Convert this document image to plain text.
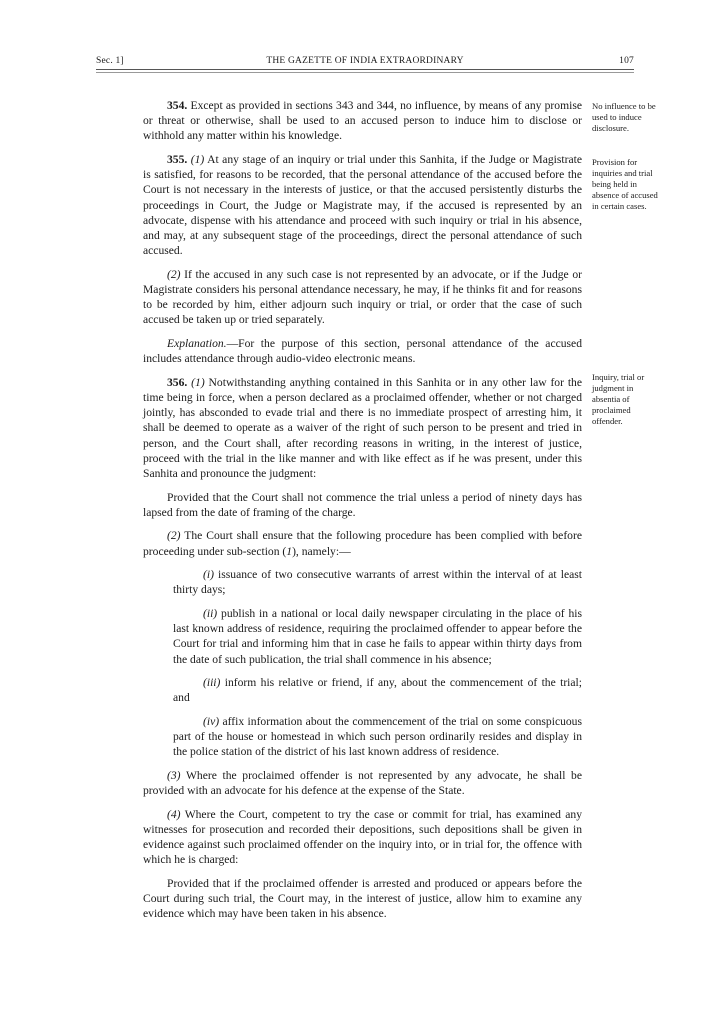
Sec. 1]	THE GAZETTE OF INDIA EXTRAORDINARY	107
No influence to be used to induce disclosure.
Provision for inquiries and trial being held in absence of accused in certain cases.
Inquiry, trial or judgment in absentia of proclaimed offender.

354. Except as provided in sections 343 and 344, no influence, by means of any promise or threat or otherwise, shall be used to an accused person to induce him to disclose or withhold any matter within his knowledge.

355. (1) At any stage of an inquiry or trial under this Sanhita, if the Judge or Magistrate is satisfied, for reasons to be recorded, that the personal attendance of the accused before the Court is not necessary in the interests of justice, or that the accused persistently disturbs the proceedings in Court, the Judge or Magistrate may, if the accused is represented by an advocate, dispense with his attendance and proceed with such inquiry or trial in his absence, and may, at any subsequent stage of the proceedings, direct the personal attendance of such accused.

(2) If the accused in any such case is not represented by an advocate, or if the Judge or Magistrate considers his personal attendance necessary, he may, if he thinks fit and for reasons to be recorded by him, either adjourn such inquiry or trial, or order that the case of such accused be taken up or tried separately.

Explanation.—For the purpose of this section, personal attendance of the accused includes attendance through audio-video electronic means.

356. (1) Notwithstanding anything contained in this Sanhita or in any other law for the time being in force, when a person declared as a proclaimed offender, whether or not charged jointly, has absconded to evade trial and there is no immediate prospect of arresting him, it shall be deemed to operate as a waiver of the right of such person to be present and tried in person, and the Court shall, after recording reasons in writing, in the interest of justice, proceed with the trial in the like manner and with like effect as if he was present, under this Sanhita and pronounce the judgment:

Provided that the Court shall not commence the trial unless a period of ninety days has lapsed from the date of framing of the charge.

(2) The Court shall ensure that the following procedure has been complied with before proceeding under sub-section (1), namely:—

(i) issuance of two consecutive warrants of arrest within the interval of at least thirty days;

(ii) publish in a national or local daily newspaper circulating in the place of his last known address of residence, requiring the proclaimed offender to appear before the Court for trial and informing him that in case he fails to appear within thirty days from the date of such publication, the trial shall commence in his absence;

(iii) inform his relative or friend, if any, about the commencement of the trial; and

(iv) affix information about the commencement of the trial on some conspicuous part of the house or homestead in which such person ordinarily resides and display in the police station of the district of his last known address of residence.

(3) Where the proclaimed offender is not represented by any advocate, he shall be provided with an advocate for his defence at the expense of the State.

(4) Where the Court, competent to try the case or commit for trial, has examined any witnesses for prosecution and recorded their depositions, such depositions shall be given in evidence against such proclaimed offender on the inquiry into, or in trial for, the offence with which he is charged:

Provided that if the proclaimed offender is arrested and produced or appears before the Court during such trial, the Court may, in the interest of justice, allow him to examine any evidence which may have been taken in his absence.
